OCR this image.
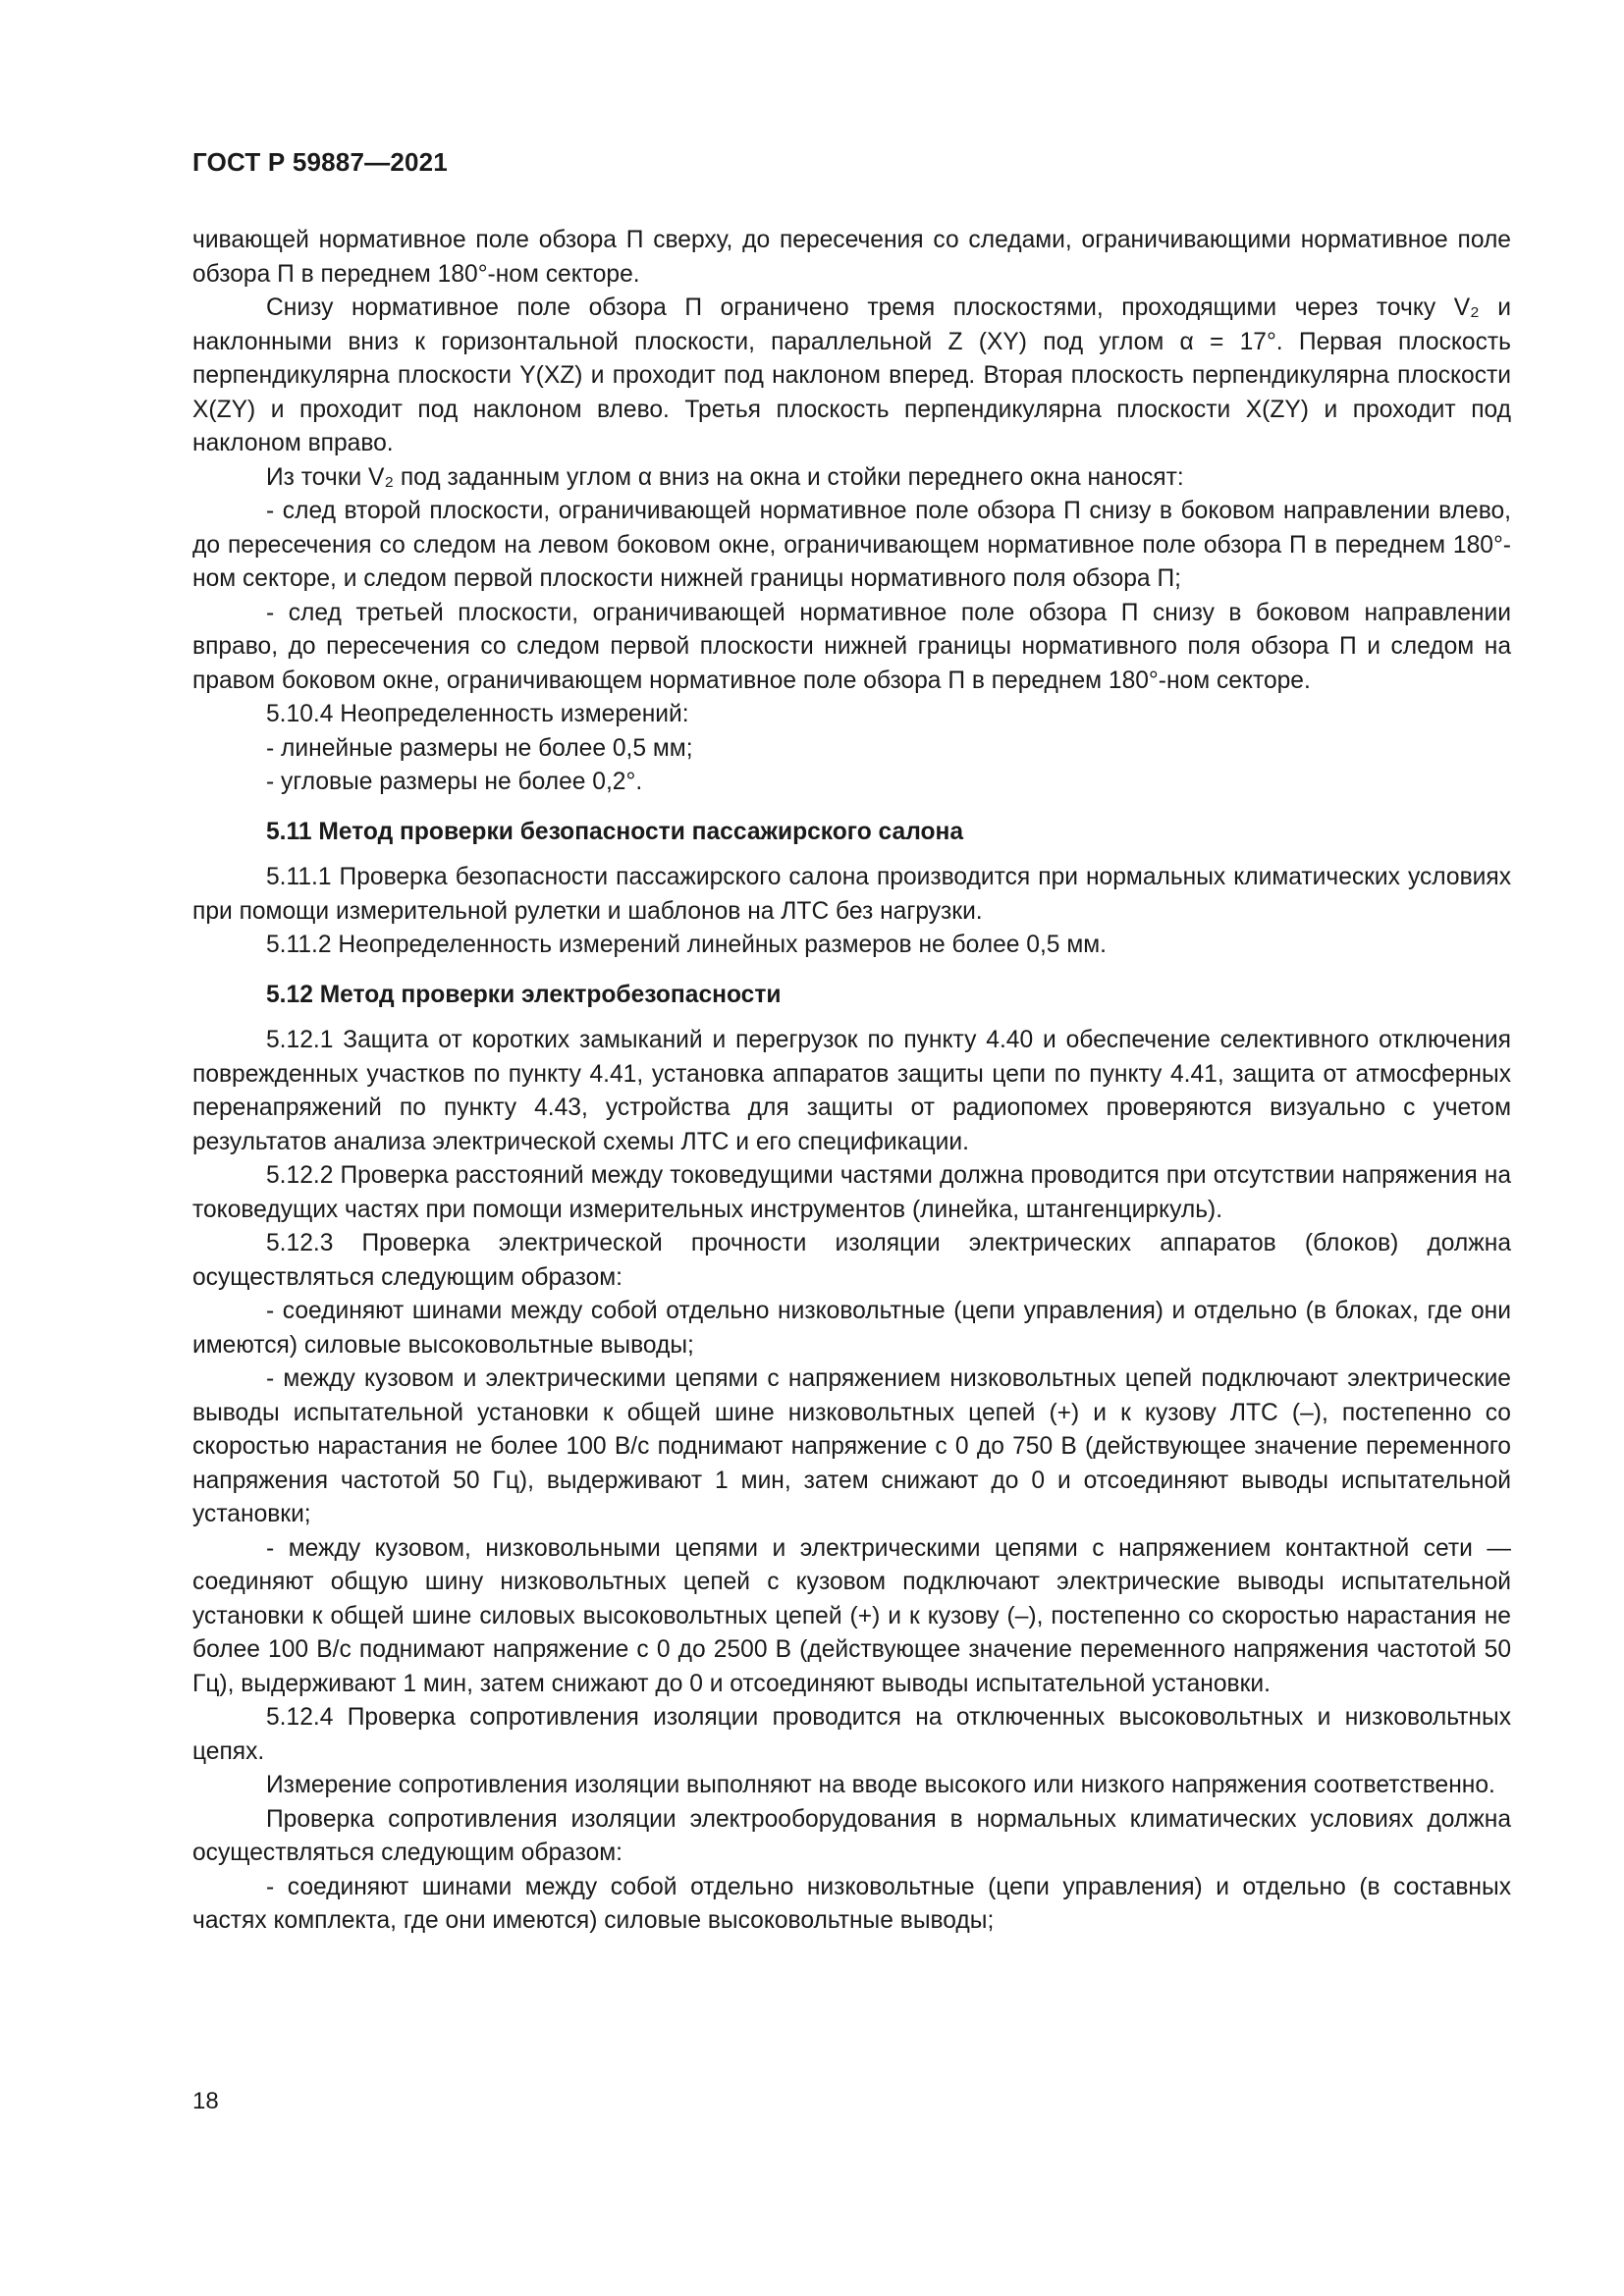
ГОСТ Р 59887—2021

чивающей нормативное поле обзора П сверху, до пересечения со следами, ограничивающими нормативное поле обзора П в переднем 180°-ном секторе.

Снизу нормативное поле обзора П ограничено тремя плоскостями, проходящими через точку V₂ и наклонными вниз к горизонтальной плоскости, параллельной Z (XY) под углом α = 17°. Первая плоскость перпендикулярна плоскости Y(XZ) и проходит под наклоном вперед. Вторая плоскость перпендикулярна плоскости X(ZY) и проходит под наклоном влево. Третья плоскость перпендикулярна плоскости X(ZY) и проходит под наклоном вправо.

Из точки V₂ под заданным углом α вниз на окна и стойки переднего окна наносят:

- след второй плоскости, ограничивающей нормативное поле обзора П снизу в боковом направлении влево, до пересечения со следом на левом боковом окне, ограничивающем нормативное поле обзора П в переднем 180°-ном секторе, и следом первой плоскости нижней границы нормативного поля обзора П;

- след третьей плоскости, ограничивающей нормативное поле обзора П снизу в боковом направлении вправо, до пересечения со следом первой плоскости нижней границы нормативного поля обзора П и следом на правом боковом окне, ограничивающем нормативное поле обзора П в переднем 180°-ном секторе.

5.10.4 Неопределенность измерений:

- линейные размеры не более 0,5 мм;

- угловые размеры не более 0,2°.

5.11 Метод проверки безопасности пассажирского салона

5.11.1 Проверка безопасности пассажирского салона производится при нормальных климатических условиях при помощи измерительной рулетки и шаблонов на ЛТС без нагрузки.

5.11.2 Неопределенность измерений линейных размеров не более 0,5 мм.

5.12 Метод проверки электробезопасности

5.12.1 Защита от коротких замыканий и перегрузок по пункту 4.40 и обеспечение селективного отключения поврежденных участков по пункту 4.41, установка аппаратов защиты цепи по пункту 4.41, защита от атмосферных перенапряжений по пункту 4.43, устройства для защиты от радиопомех проверяются визуально с учетом результатов анализа электрической схемы ЛТС и его спецификации.

5.12.2 Проверка расстояний между токоведущими частями должна проводится при отсутствии напряжения на токоведущих частях при помощи измерительных инструментов (линейка, штангенциркуль).

5.12.3 Проверка электрической прочности изоляции электрических аппаратов (блоков) должна осуществляться следующим образом:

- соединяют шинами между собой отдельно низковольтные (цепи управления) и отдельно (в блоках, где они имеются) силовые высоковольтные выводы;

- между кузовом и электрическими цепями с напряжением низковольтных цепей подключают электрические выводы испытательной установки к общей шине низковольтных цепей (+) и к кузову ЛТС (–), постепенно со скоростью нарастания не более 100 В/с поднимают напряжение с 0 до 750 В (действующее значение переменного напряжения частотой 50 Гц), выдерживают 1 мин, затем снижают до 0 и отсоединяют выводы испытательной установки;

- между кузовом, низковольными цепями и электрическими цепями с напряжением контактной сети — соединяют общую шину низковольтных цепей с кузовом подключают электрические выводы испытательной установки к общей шине силовых высоковольтных цепей (+) и к кузову (–), постепенно со скоростью нарастания не более 100 В/с поднимают напряжение с 0 до 2500 В (действующее значение переменного напряжения частотой 50 Гц), выдерживают 1 мин, затем снижают до 0 и отсоединяют выводы испытательной установки.

5.12.4 Проверка сопротивления изоляции проводится на отключенных высоковольтных и низковольтных цепях.

Измерение сопротивления изоляции выполняют на вводе высокого или низкого напряжения соответственно.

Проверка сопротивления изоляции электрооборудования в нормальных климатических условиях должна осуществляться следующим образом:

- соединяют шинами между собой отдельно низковольтные (цепи управления) и отдельно (в составных частях комплекта, где они имеются) силовые высоковольтные выводы;

18
